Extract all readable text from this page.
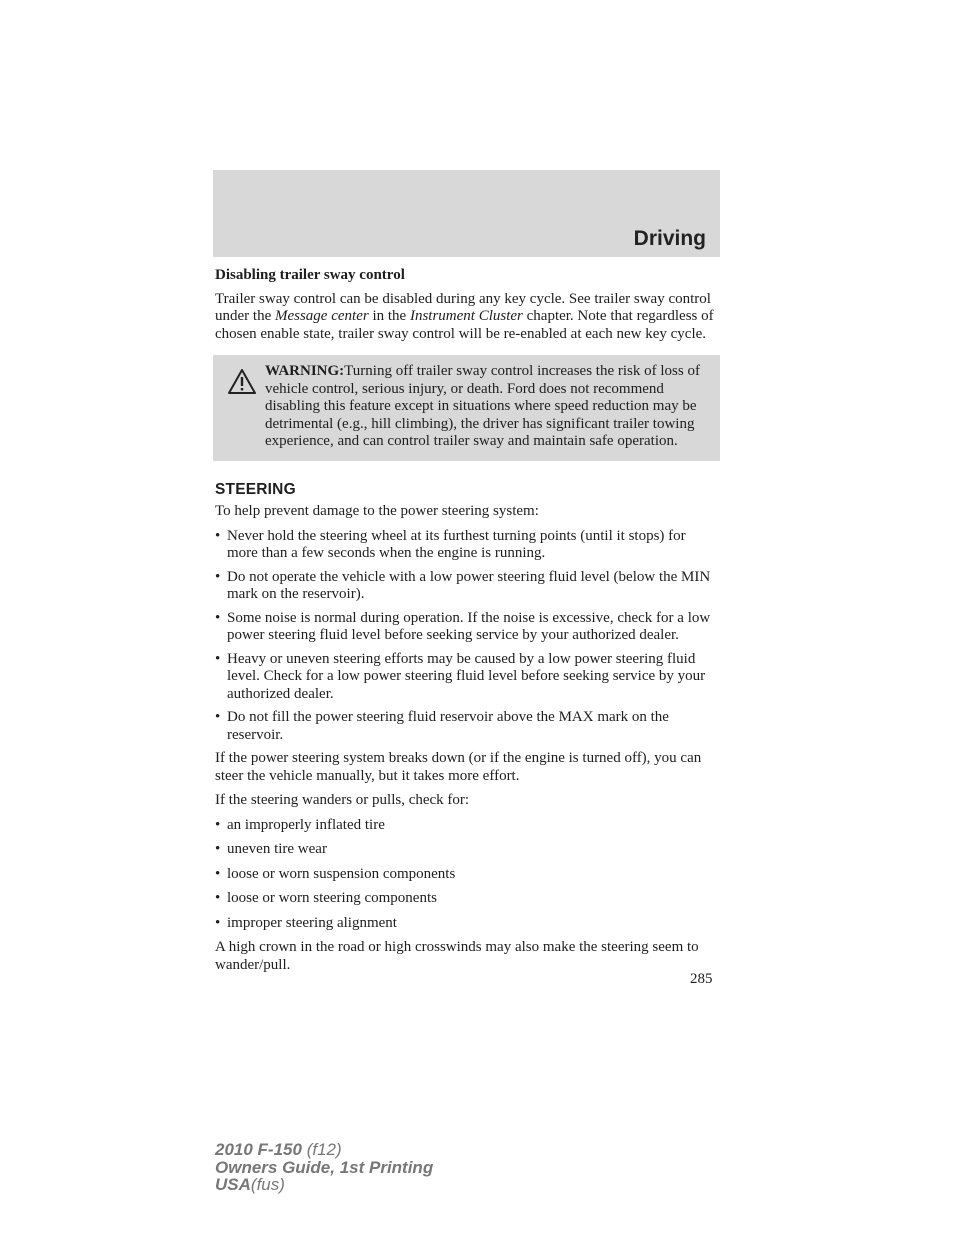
Driving

Disabling trailer sway control

Trailer sway control can be disabled during any key cycle. See trailer sway control under the Message center in the Instrument Cluster chapter. Note that regardless of chosen enable state, trailer sway control will be re-enabled at each new key cycle.

WARNING:Turning off trailer sway control increases the risk of loss of vehicle control, serious injury, or death. Ford does not recommend disabling this feature except in situations where speed reduction may be detrimental (e.g., hill climbing), the driver has significant trailer towing experience, and can control trailer sway and maintain safe operation.

STEERING

To help prevent damage to the power steering system:

• Never hold the steering wheel at its furthest turning points (until it stops) for more than a few seconds when the engine is running.
• Do not operate the vehicle with a low power steering fluid level (below the MIN mark on the reservoir).
• Some noise is normal during operation. If the noise is excessive, check for a low power steering fluid level before seeking service by your authorized dealer.
• Heavy or uneven steering efforts may be caused by a low power steering fluid level. Check for a low power steering fluid level before seeking service by your authorized dealer.
• Do not fill the power steering fluid reservoir above the MAX mark on the reservoir.

If the power steering system breaks down (or if the engine is turned off), you can steer the vehicle manually, but it takes more effort.

If the steering wanders or pulls, check for:

• an improperly inflated tire
• uneven tire wear
• loose or worn suspension components
• loose or worn steering components
• improper steering alignment

A high crown in the road or high crosswinds may also make the steering seem to wander/pull.

285
2010 F-150 (f12)
Owners Guide, 1st Printing
USA(fus)
